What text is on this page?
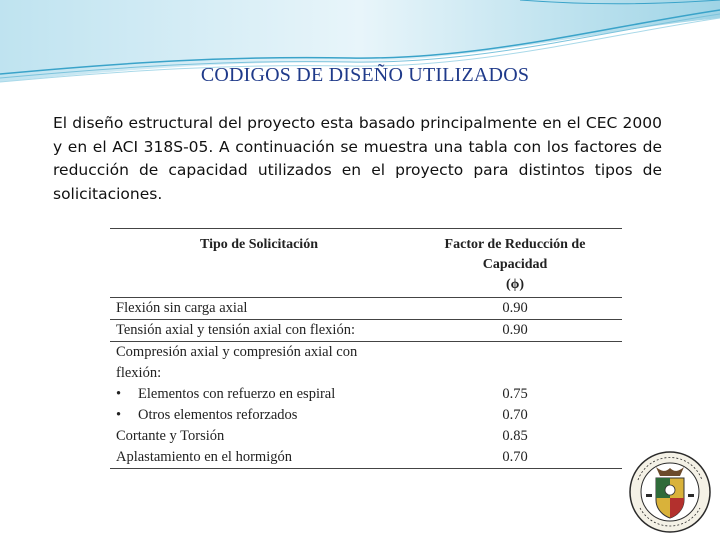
CODIGOS DE DISEÑO UTILIZADOS

El diseño estructural del proyecto esta basado principalmente en el CEC 2000 y en el ACI 318S-05. A continuación se muestra una tabla con los factores de reducción de capacidad utilizados en el proyecto para distintos tipos de solicitaciones.

Tipo de Solicitación	Factor de Reducción de
Capacidad
(ϕ)

Flexión sin carga axial	0.90
Tensión axial y tensión axial con flexión:	0.90
Compresión axial y compresión axial con	
flexión:	
• Elementos con refuerzo en espiral	0.75
• Otros elementos reforzados	0.70
Cortante y Torsión	0.85
Aplastamiento en el hormigón	0.70
